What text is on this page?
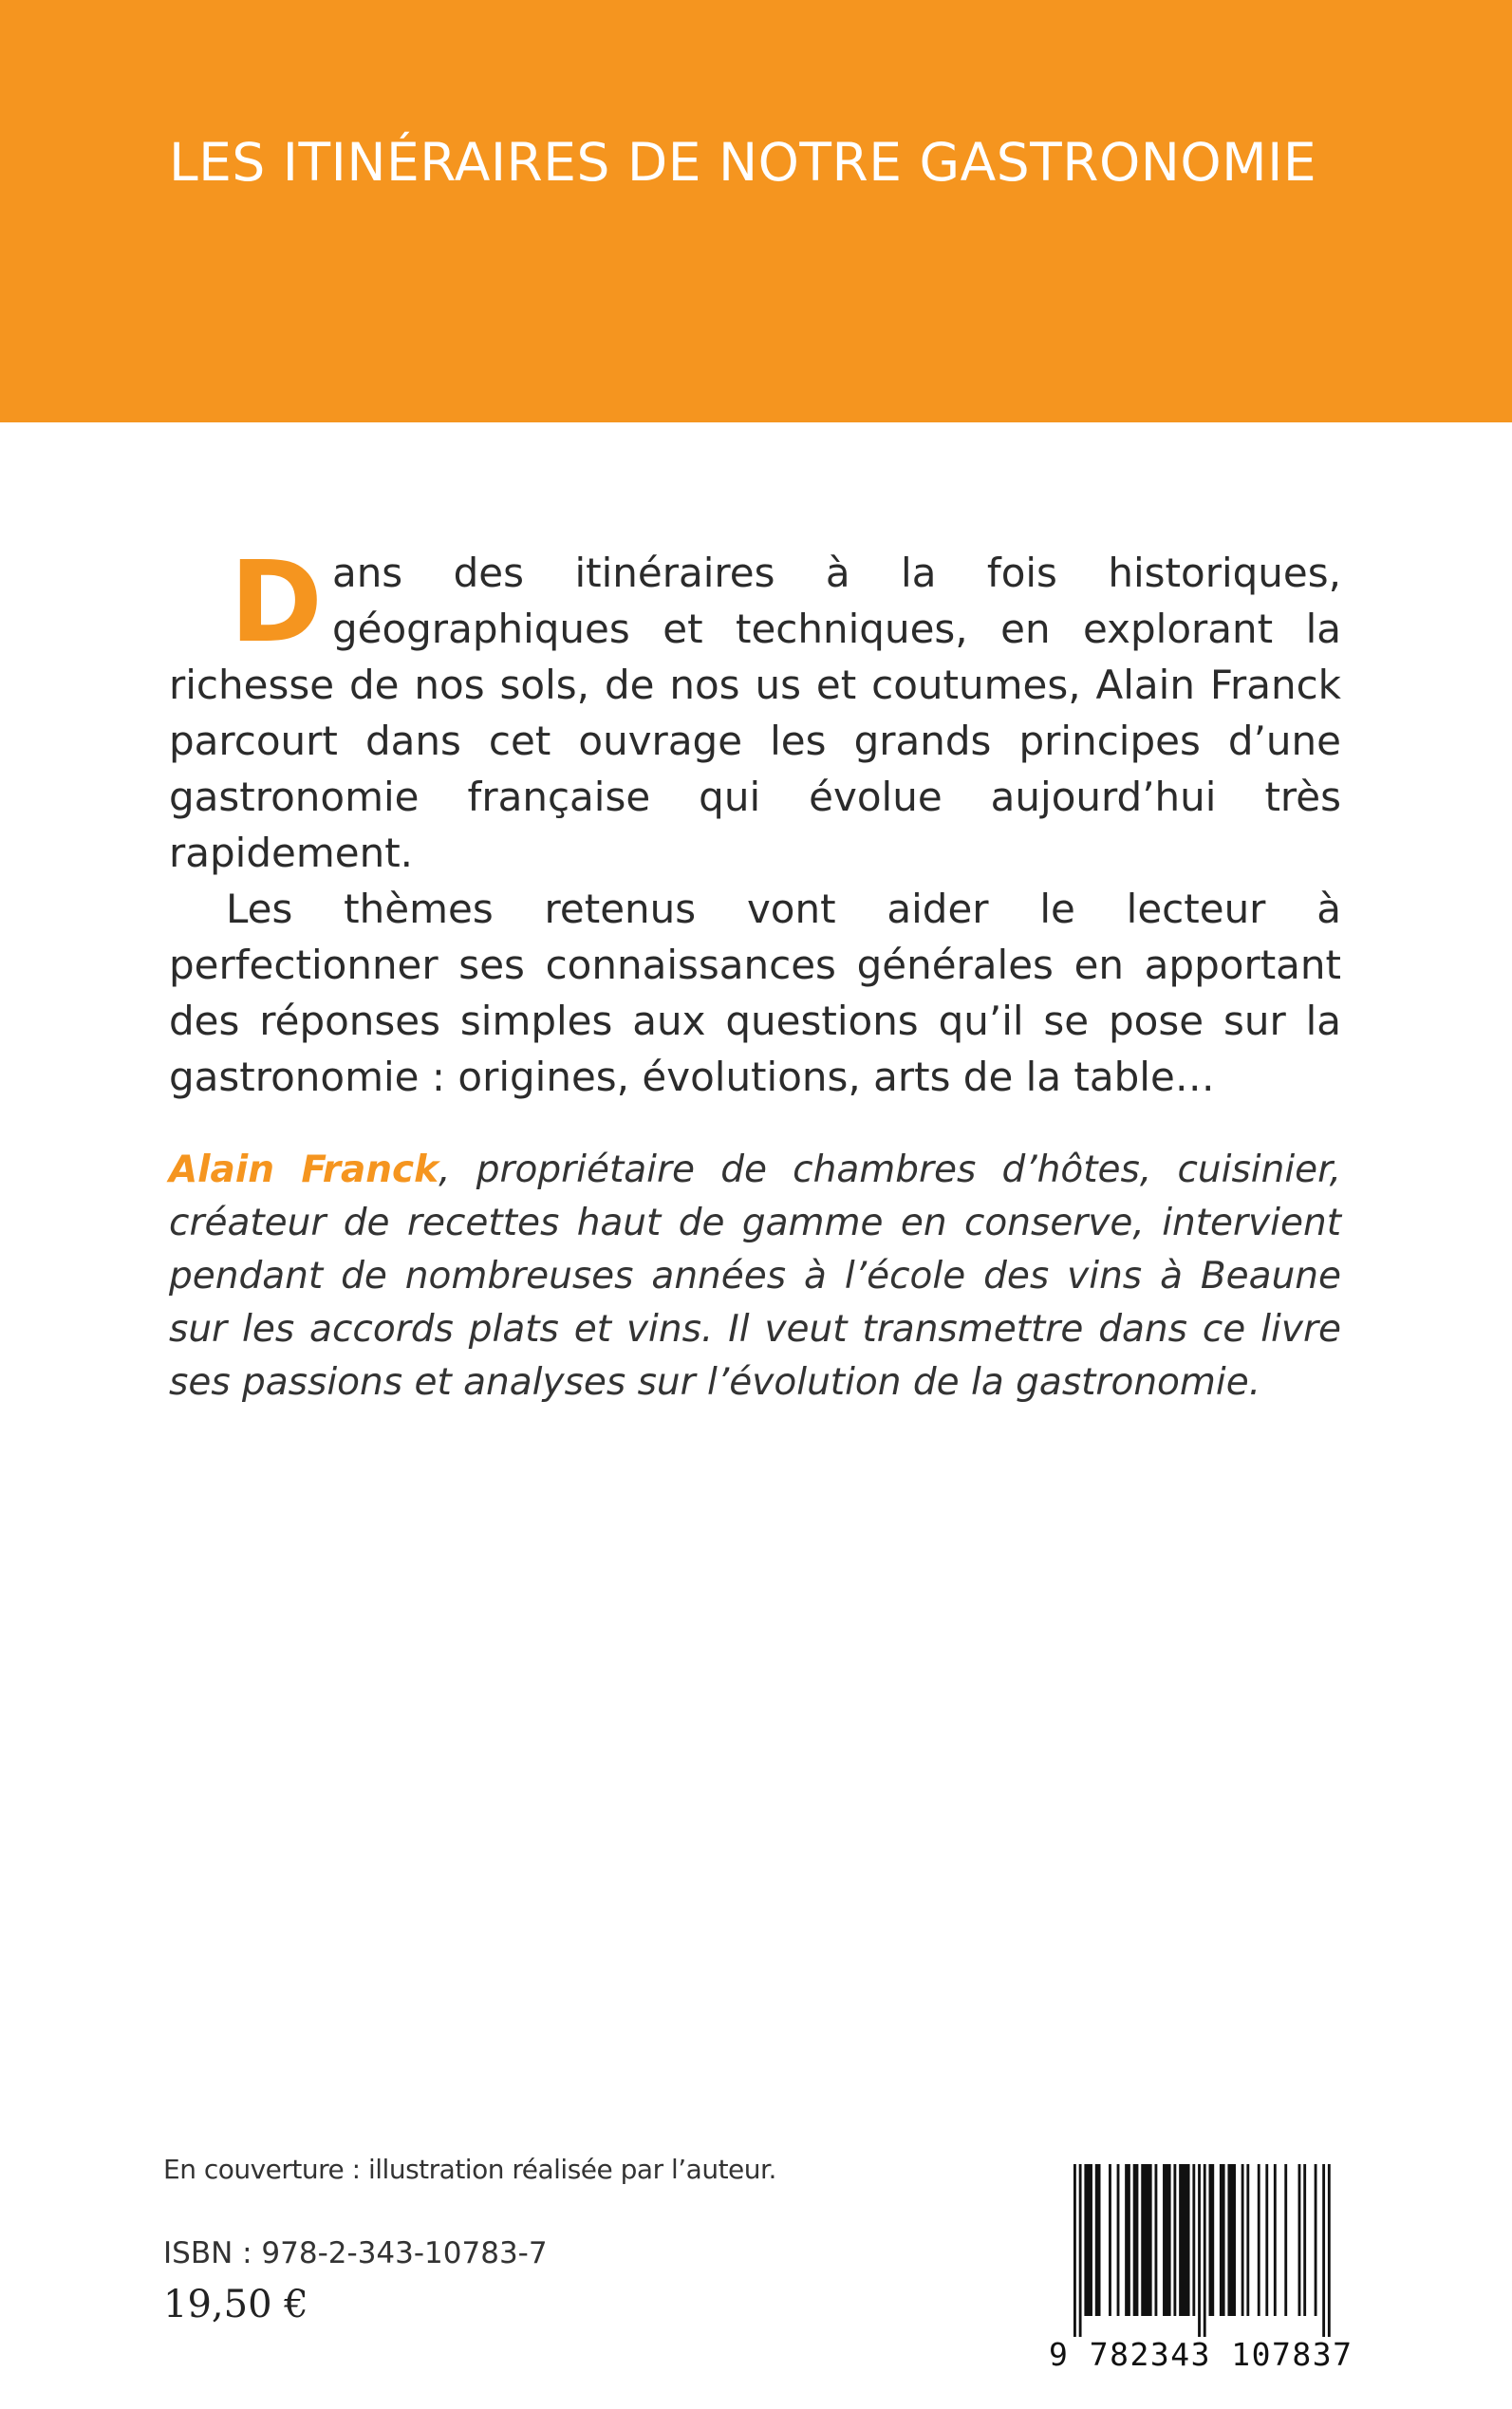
LES ITINÉRAIRES DE NOTRE GASTRONOMIE

Dans des itinéraires à la fois historiques, géographiques et techniques, en explorant la richesse de nos sols, de nos us et coutumes, Alain Franck parcourt dans cet ouvrage les grands principes d’une gastronomie française qui évolue aujourd’hui très rapidement.

Les thèmes retenus vont aider le lecteur à perfectionner ses connaissances générales en apportant des réponses simples aux questions qu’il se pose sur la gastronomie : origines, évolutions, arts de la table…

Alain Franck, propriétaire de chambres d’hôtes, cuisinier, créateur de recettes haut de gamme en conserve, intervient pendant de nombreuses années à l’école des vins à Beaune sur les accords plats et vins. Il veut transmettre dans ce livre ses passions et analyses sur l’évolution de la gastronomie.

En couverture : illustration réalisée par l’auteur.

ISBN : 978-2-343-10783-7

19,50 €

9 782343 107837
